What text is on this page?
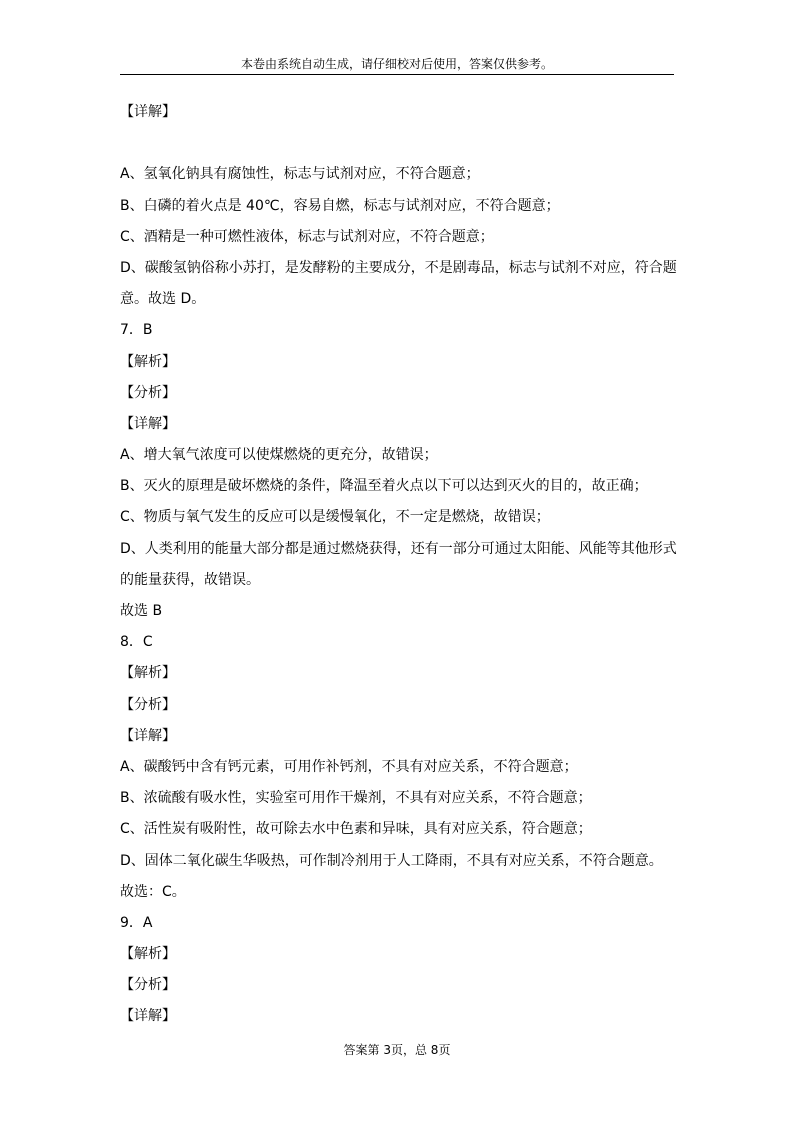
本卷由系统自动生成，请仔细校对后使用，答案仅供参考。
【详解】
A、氢氧化钠具有腐蚀性，标志与试剂对应，不符合题意；
B、白磷的着火点是 40℃，容易自燃，标志与试剂对应，不符合题意；
C、酒精是一种可燃性液体，标志与试剂对应，不符合题意；
D、碳酸氢钠俗称小苏打，是发酵粉的主要成分，不是剧毒品，标志与试剂不对应，符合题
意。故选 D。
7．B
【解析】
【分析】
【详解】
A、增大氧气浓度可以使煤燃烧的更充分，故错误；
B、灭火的原理是破坏燃烧的条件，降温至着火点以下可以达到灭火的目的，故正确；
C、物质与氧气发生的反应可以是缓慢氧化，不一定是燃烧，故错误；
D、人类利用的能量大部分都是通过燃烧获得，还有一部分可通过太阳能、风能等其他形式
的能量获得，故错误。
故选 B
8．C
【解析】
【分析】
【详解】
A、碳酸钙中含有钙元素，可用作补钙剂，不具有对应关系，不符合题意；
B、浓硫酸有吸水性，实验室可用作干燥剂，不具有对应关系，不符合题意；
C、活性炭有吸附性，故可除去水中色素和异味，具有对应关系，符合题意；
D、固体二氧化碳生华吸热，可作制冷剂用于人工降雨，不具有对应关系，不符合题意。
故选：C。
9．A
【解析】
【分析】
【详解】
答案第 3页，总 8页
